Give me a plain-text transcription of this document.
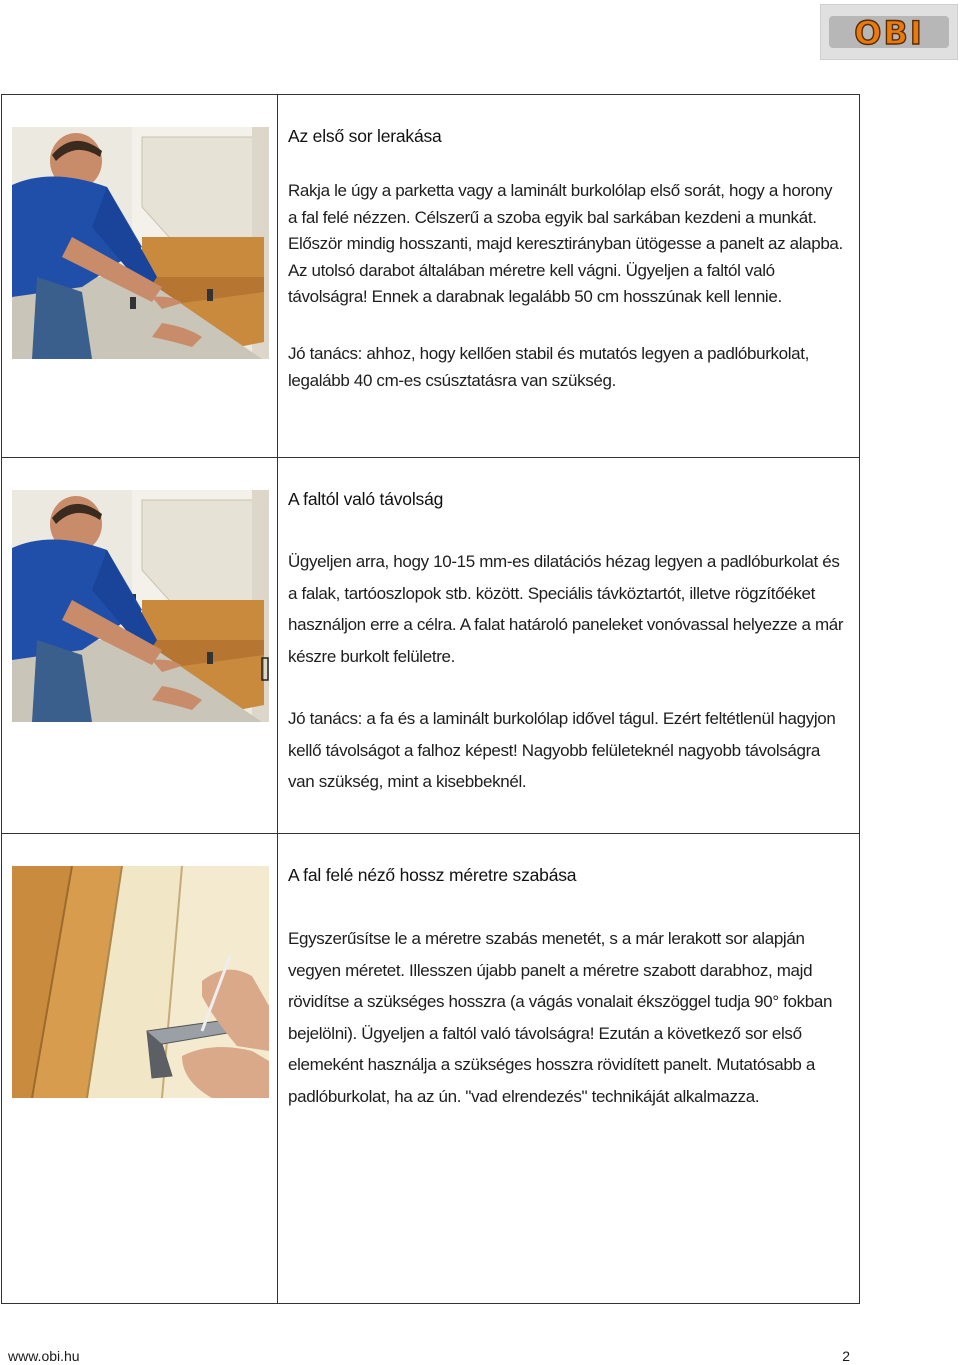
OBI
Az első sor lerakása
Rakja le úgy a parketta vagy a laminált burkolólap első sorát, hogy a horony a fal felé nézzen. Célszerű a szoba egyik bal sarkában kezdeni a munkát. Először mindig hosszanti, majd keresztirányban ütögesse a panelt az alapba. Az utolsó darabot általában méretre kell vágni. Ügyeljen a faltól való távolságra! Ennek a darabnak legalább 50 cm hosszúnak kell lennie.
Jó tanács: ahhoz, hogy kellően stabil és mutatós legyen a padlóburkolat, legalább 40 cm-es csúsztatásra van szükség.
A faltól való távolság
Ügyeljen arra, hogy 10-15 mm-es dilatációs hézag legyen a padlóburkolat és a falak, tartóoszlopok stb. között. Speciális távköztartót, illetve rögzítőéket használjon erre a célra. A falat határoló paneleket vonóvassal helyezze a már készre burkolt felületre.
Jó tanács: a fa és a laminált burkolólap idővel tágul. Ezért feltétlenül hagyjon kellő távolságot a falhoz képest! Nagyobb felületeknél nagyobb távolságra van szükség, mint a kisebbeknél.
A fal felé néző hossz méretre szabása
Egyszerűsítse le a méretre szabás menetét, s a már lerakott sor alapján vegyen méretet. Illesszen újabb panelt a méretre szabott darabhoz, majd rövidítse a szükséges hosszra (a vágás vonalait ékszöggel tudja 90° fokban bejelölni). Ügyeljen a faltól való távolságra! Ezután a következő sor első elemeként használja a szükséges hosszra rövidített panelt. Mutatósabb a padlóburkolat, ha az ún. "vad elrendezés" technikáját alkalmazza.
www.obi.hu	2
